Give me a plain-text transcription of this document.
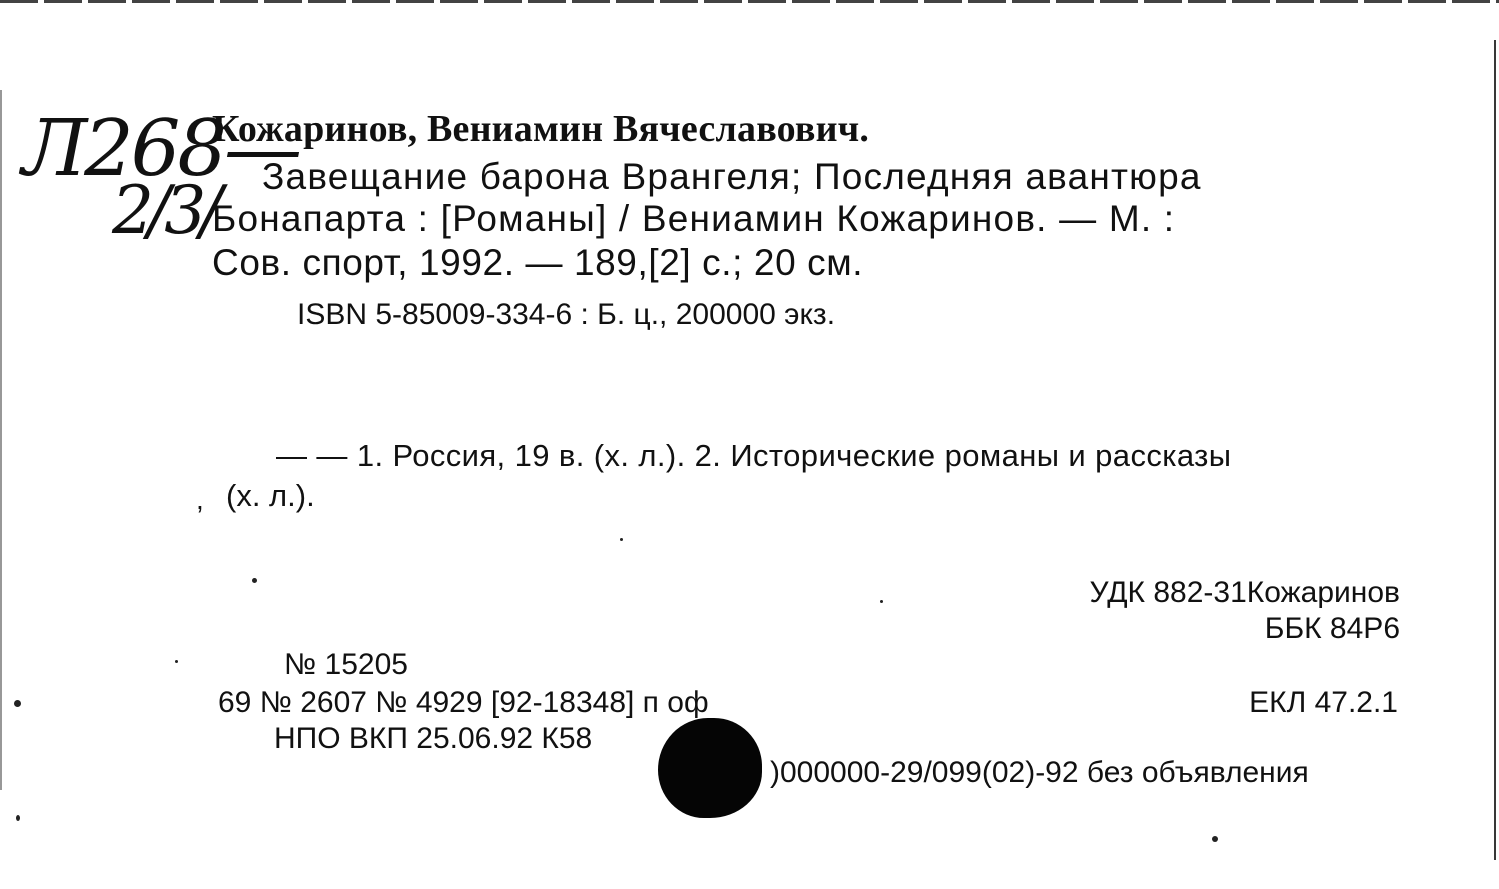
Л268—
2/3/

Кожаринов, Вениамин Вячеславович.

Завещание барона Врангеля; Последняя авантюра

Бонапарта : [Романы] / Вениамин Кожаринов. — М. :

Сов. спорт, 1992. — 189,[2] с.; 20 см.

ISBN 5-85009-334-6 : Б. ц., 200000 экз.

— — 1. Россия, 19 в. (х. л.). 2. Исторические романы и рассказы

, (х. л.).

УДК 882-31Кожаринов

ББК 84Р6

№ 15205

69 № 2607 № 4929 [92-18348] п оф	ЕКЛ 47.2.1

НПО ВКП 25.06.92 К58

)000000-29/099(02)-92 без объявления
